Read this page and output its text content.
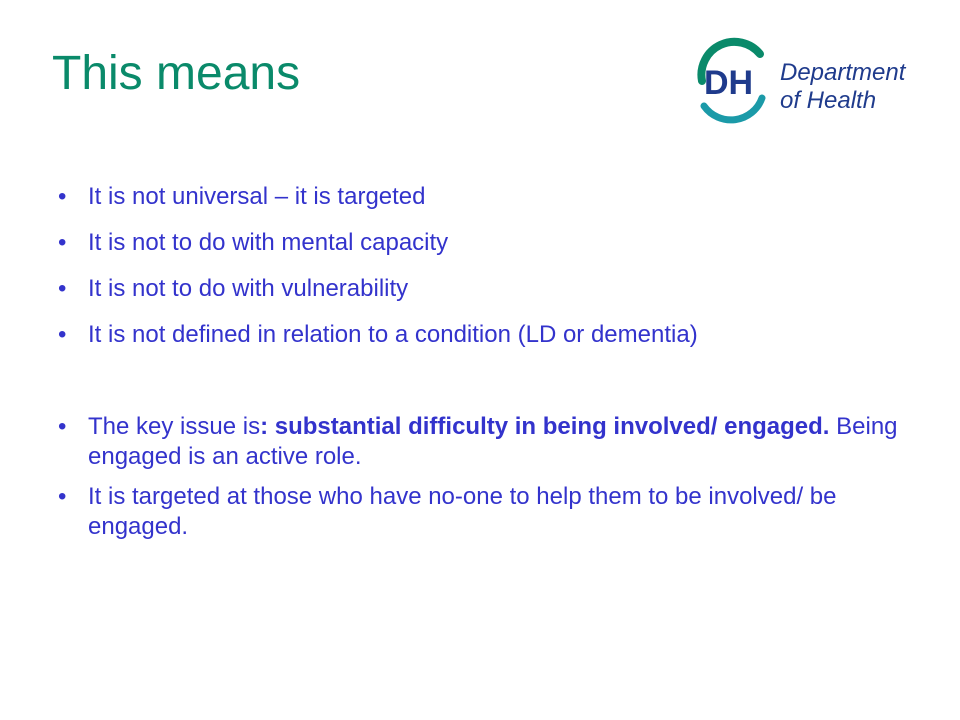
This means	DH Department
of Health
• It is not universal – it is targeted
• It is not to do with mental capacity
• It is not to do with vulnerability
• It is not defined in relation to a condition (LD or dementia)
• The key issue is: substantial difficulty in being involved/ engaged. Being engaged is an active role.
• It is targeted at those who have no-one to help them to be involved/ be engaged.
